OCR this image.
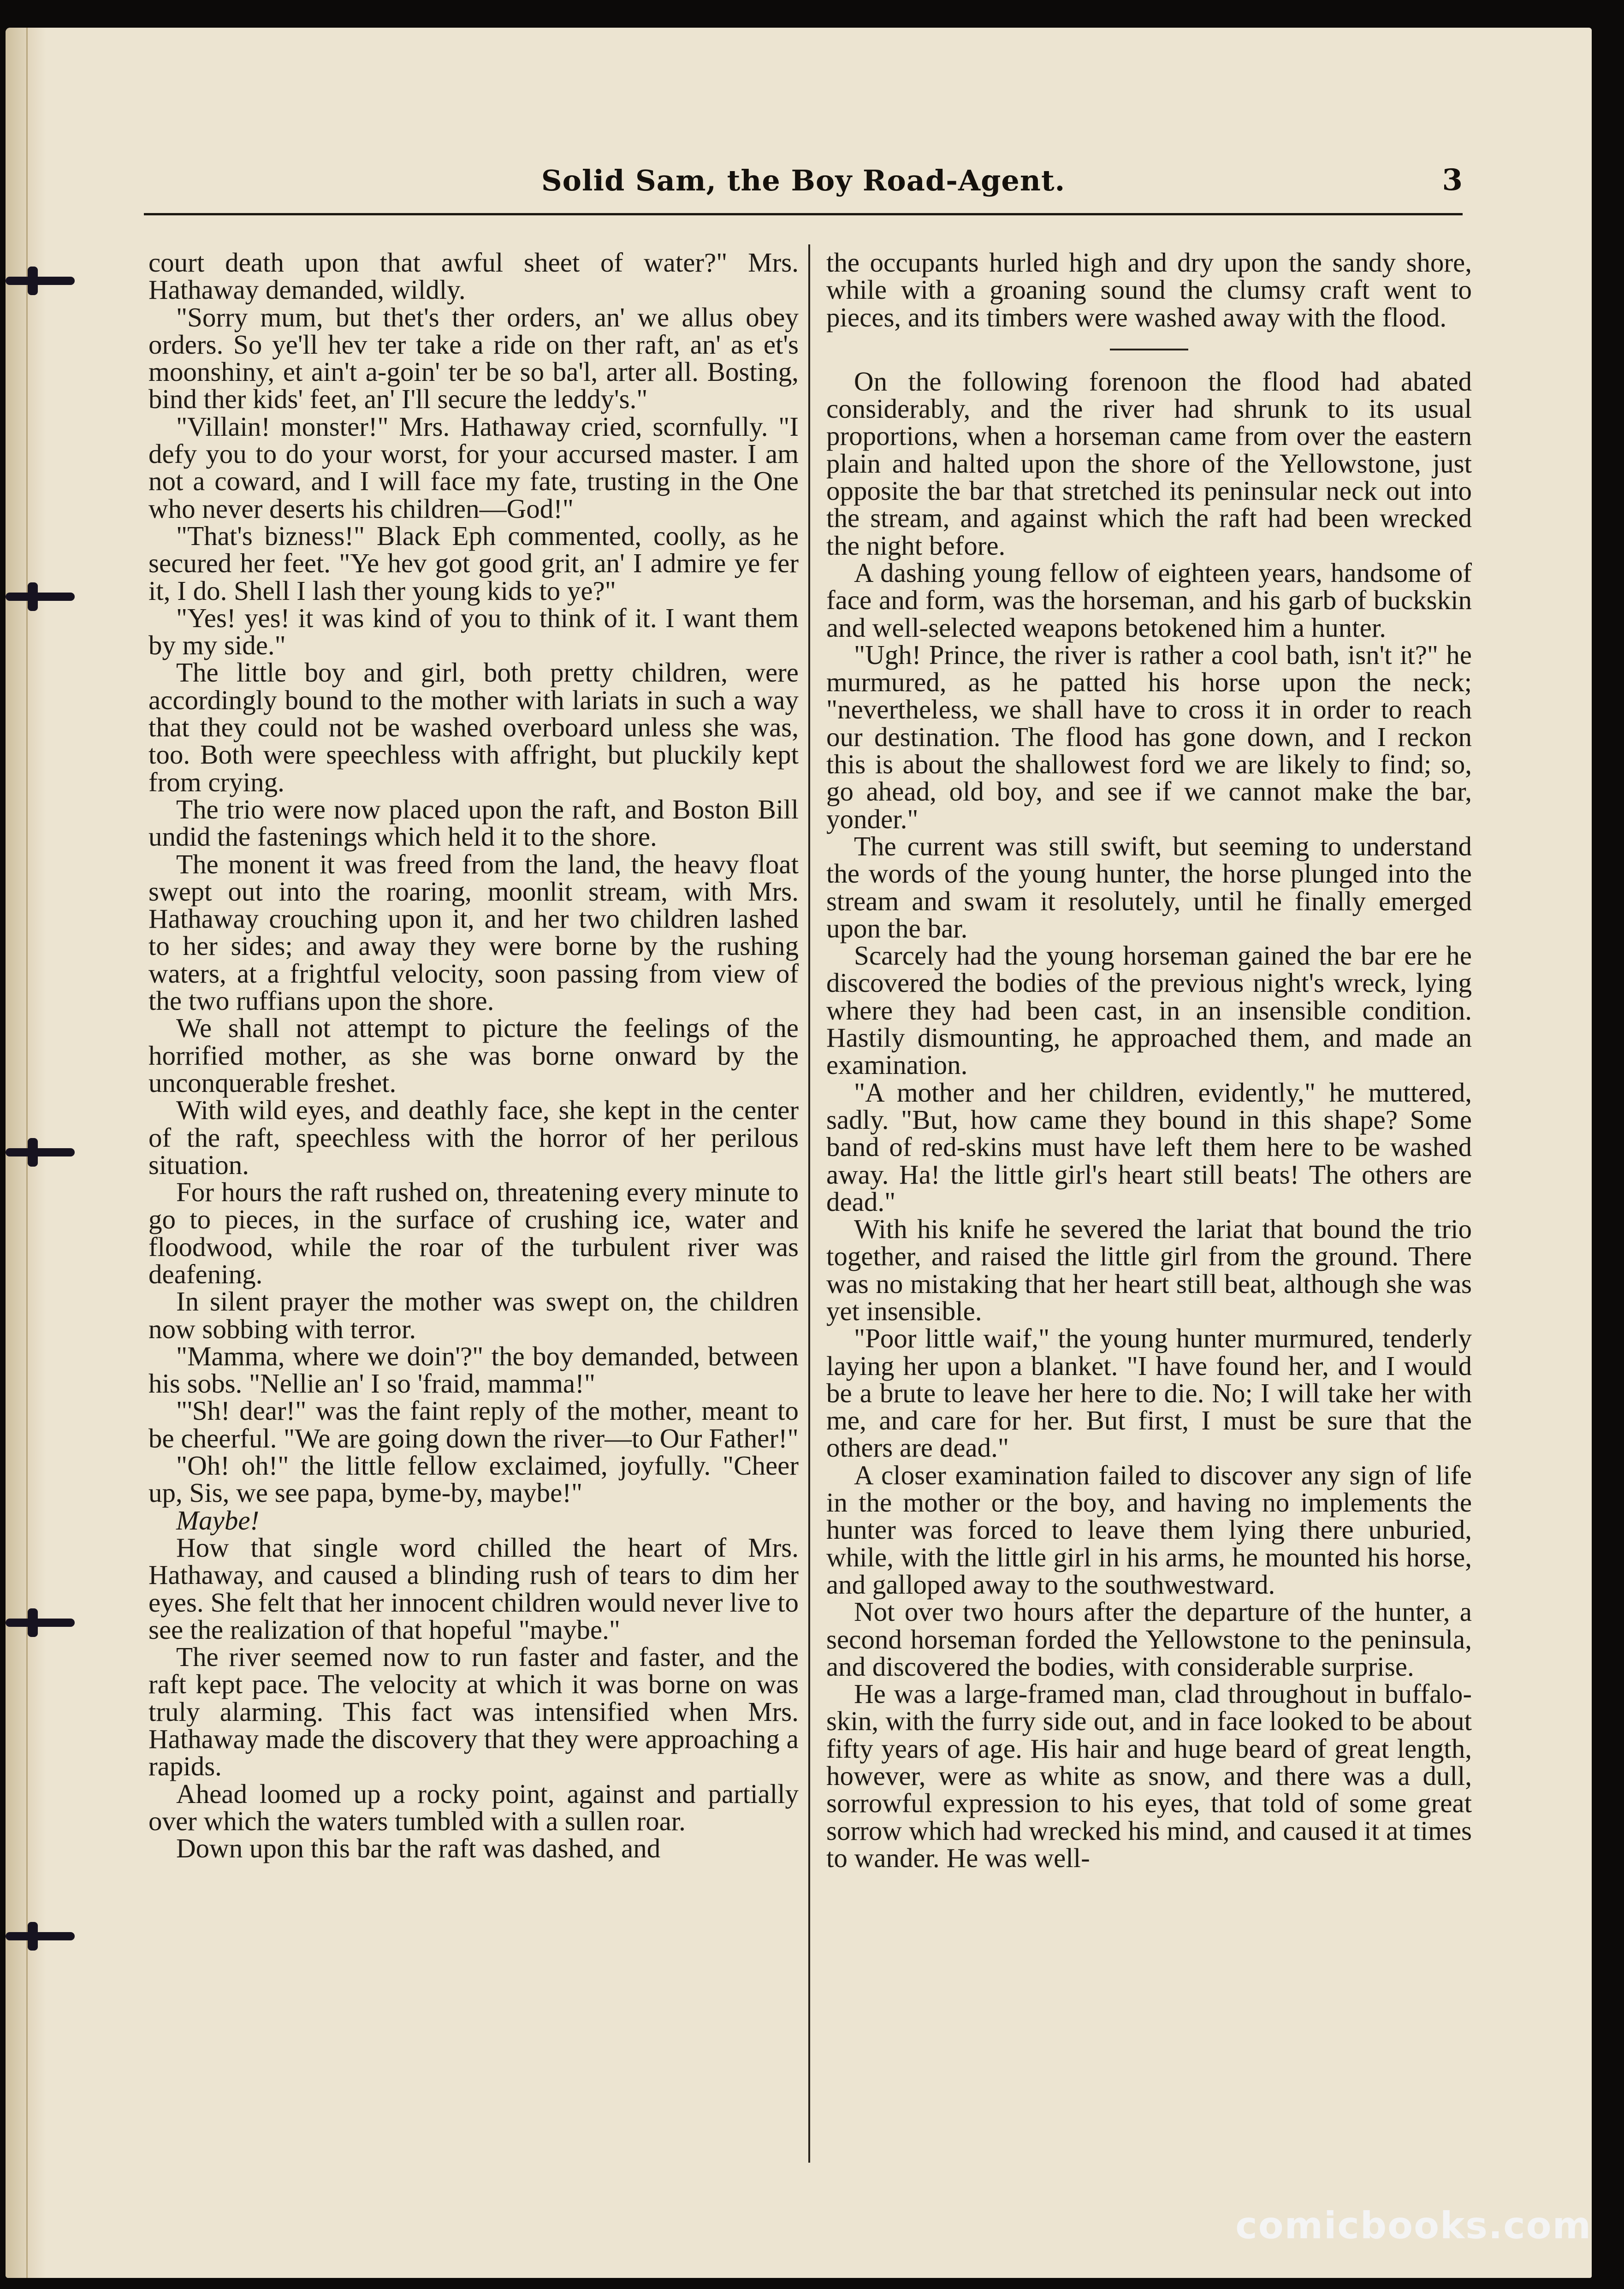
Solid Sam, the Boy Road-Agent.	3

court death upon that awful sheet of water?" Mrs. Hathaway demanded, wildly.

"Sorry mum, but thet's ther orders, an' we allus obey orders. So ye'll hev ter take a ride on ther raft, an' as et's moonshiny, et ain't a-goin' ter be so ba'l, arter all. Bosting, bind ther kids' feet, an' I'll secure the leddy's."

"Villain! monster!" Mrs. Hathaway cried, scornfully. "I defy you to do your worst, for your accursed master. I am not a coward, and I will face my fate, trusting in the One who never deserts his children—God!"

"That's bizness!" Black Eph commented, coolly, as he secured her feet. "Ye hev got good grit, an' I admire ye fer it, I do. Shell I lash ther young kids to ye?"

"Yes! yes! it was kind of you to think of it. I want them by my side."

The little boy and girl, both pretty children, were accordingly bound to the mother with lariats in such a way that they could not be washed overboard unless she was, too. Both were speechless with affright, but pluckily kept from crying.

The trio were now placed upon the raft, and Boston Bill undid the fastenings which held it to the shore.

The monent it was freed from the land, the heavy float swept out into the roaring, moonlit stream, with Mrs. Hathaway crouching upon it, and her two children lashed to her sides; and away they were borne by the rushing waters, at a frightful velocity, soon passing from view of the two ruffians upon the shore.

We shall not attempt to picture the feelings of the horrified mother, as she was borne onward by the unconquerable freshet.

With wild eyes, and deathly face, she kept in the center of the raft, speechless with the horror of her perilous situation.

For hours the raft rushed on, threatening every minute to go to pieces, in the surface of crushing ice, water and floodwood, while the roar of the turbulent river was deafening.

In silent prayer the mother was swept on, the children now sobbing with terror.

"Mamma, where we doin'?" the boy demanded, between his sobs. "Nellie an' I so 'fraid, mamma!"

"'Sh! dear!" was the faint reply of the mother, meant to be cheerful. "We are going down the river—to Our Father!"

"Oh! oh!" the little fellow exclaimed, joyfully. "Cheer up, Sis, we see papa, byme-by, maybe!"

Maybe!

How that single word chilled the heart of Mrs. Hathaway, and caused a blinding rush of tears to dim her eyes. She felt that her innocent children would never live to see the realization of that hopeful "maybe."

The river seemed now to run faster and faster, and the raft kept pace. The velocity at which it was borne on was truly alarming. This fact was intensified when Mrs. Hathaway made the discovery that they were approaching a rapids.

Ahead loomed up a rocky point, against and partially over which the waters tumbled with a sullen roar.

Down upon this bar the raft was dashed, and

the occupants hurled high and dry upon the sandy shore, while with a groaning sound the clumsy craft went to pieces, and its timbers were washed away with the flood.

On the following forenoon the flood had abated considerably, and the river had shrunk to its usual proportions, when a horseman came from over the eastern plain and halted upon the shore of the Yellowstone, just opposite the bar that stretched its peninsular neck out into the stream, and against which the raft had been wrecked the night before.

A dashing young fellow of eighteen years, handsome of face and form, was the horseman, and his garb of buckskin and well-selected weapons betokened him a hunter.

"Ugh! Prince, the river is rather a cool bath, isn't it?" he murmured, as he patted his horse upon the neck; "nevertheless, we shall have to cross it in order to reach our destination. The flood has gone down, and I reckon this is about the shallowest ford we are likely to find; so, go ahead, old boy, and see if we cannot make the bar, yonder."

The current was still swift, but seeming to understand the words of the young hunter, the horse plunged into the stream and swam it resolutely, until he finally emerged upon the bar.

Scarcely had the young horseman gained the bar ere he discovered the bodies of the previous night's wreck, lying where they had been cast, in an insensible condition. Hastily dismounting, he approached them, and made an examination.

"A mother and her children, evidently," he muttered, sadly. "But, how came they bound in this shape? Some band of red-skins must have left them here to be washed away. Ha! the little girl's heart still beats! The others are dead."

With his knife he severed the lariat that bound the trio together, and raised the little girl from the ground. There was no mistaking that her heart still beat, although she was yet insensible.

"Poor little waif," the young hunter murmured, tenderly laying her upon a blanket. "I have found her, and I would be a brute to leave her here to die. No; I will take her with me, and care for her. But first, I must be sure that the others are dead."

A closer examination failed to discover any sign of life in the mother or the boy, and having no implements the hunter was forced to leave them lying there unburied, while, with the little girl in his arms, he mounted his horse, and galloped away to the southwestward.

Not over two hours after the departure of the hunter, a second horseman forded the Yellowstone to the peninsula, and discovered the bodies, with considerable surprise.

He was a large-framed man, clad throughout in buffalo-skin, with the furry side out, and in face looked to be about fifty years of age. His hair and huge beard of great length, however, were as white as snow, and there was a dull, sorrowful expression to his eyes, that told of some great sorrow which had wrecked his mind, and caused it at times to wander. He was well-

comicbooks.com
